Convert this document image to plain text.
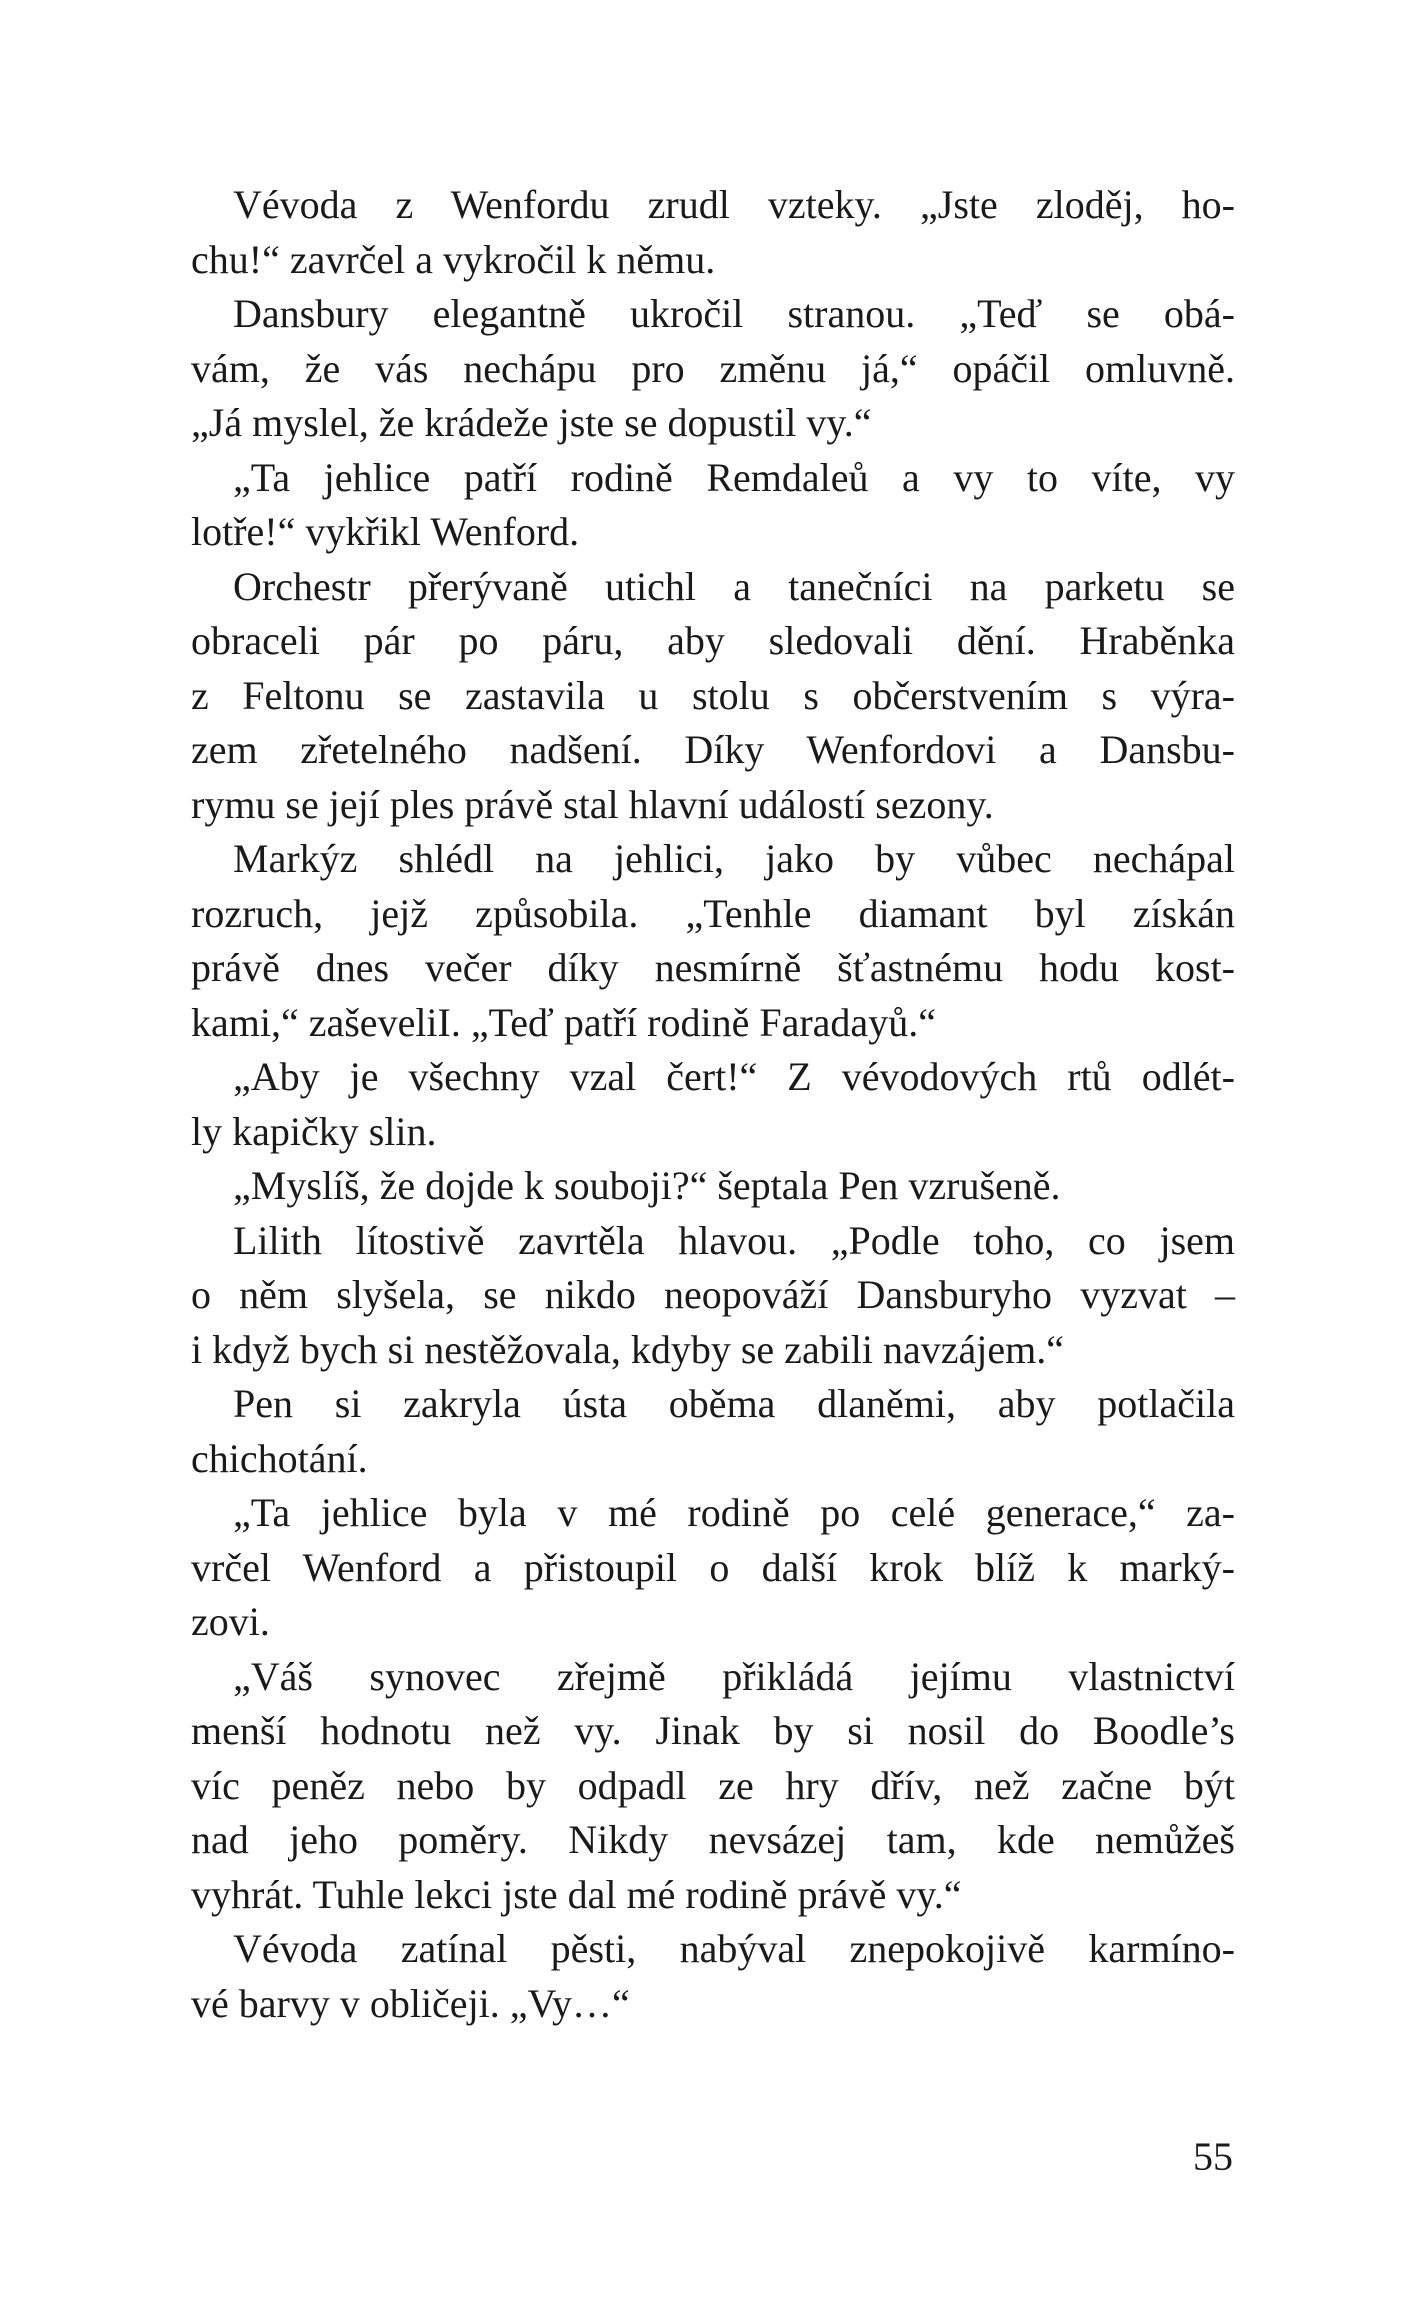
Vévoda z Wenfordu zrudl vzteky. „Jste zloděj, ho-
chu!“ zavrčel a vykročil k němu.
Dansbury elegantně ukročil stranou. „Teď se obá-
vám, že vás nechápu pro změnu já,“ opáčil omluvně.
„Já myslel, že krádeže jste se dopustil vy.“
„Ta jehlice patří rodině Remdaleů a vy to víte, vy
lotře!“ vykřikl Wenford.
Orchestr přerývaně utichl a tanečníci na parketu se
obraceli pár po páru, aby sledovali dění. Hraběnka
z Feltonu se zastavila u stolu s občerstvením s výra-
zem zřetelného nadšení. Díky Wenfordovi a Dansbu-
rymu se její ples právě stal hlavní událostí sezony.
Markýz shlédl na jehlici, jako by vůbec nechápal
rozruch, jejž způsobila. „Tenhle diamant byl získán
právě dnes večer díky nesmírně šťastnému hodu kost-
kami,“ zaševeliI. „Teď patří rodině Faradayů.“
„Aby je všechny vzal čert!“ Z vévodových rtů odlét-
ly kapičky slin.
„Myslíš, že dojde k souboji?“ šeptala Pen vzrušeně.
Lilith lítostivě zavrtěla hlavou. „Podle toho, co jsem
o něm slyšela, se nikdo neopováží Dansburyho vyzvat –
i když bych si nestěžovala, kdyby se zabili navzájem.“
Pen si zakryla ústa oběma dlaněmi, aby potlačila
chichotání.
„Ta jehlice byla v mé rodině po celé generace,“ za-
vrčel Wenford a přistoupil o další krok blíž k marký-
zovi.
„Váš synovec zřejmě přikládá jejímu vlastnictví
menší hodnotu než vy. Jinak by si nosil do Boodle’s
víc peněz nebo by odpadl ze hry dřív, než začne být
nad jeho poměry. Nikdy nevsázej tam, kde nemůžeš
vyhrát. Tuhle lekci jste dal mé rodině právě vy.“
Vévoda zatínal pěsti, nabýval znepokojivě karmíno-
vé barvy v obličeji. „Vy…“
55
